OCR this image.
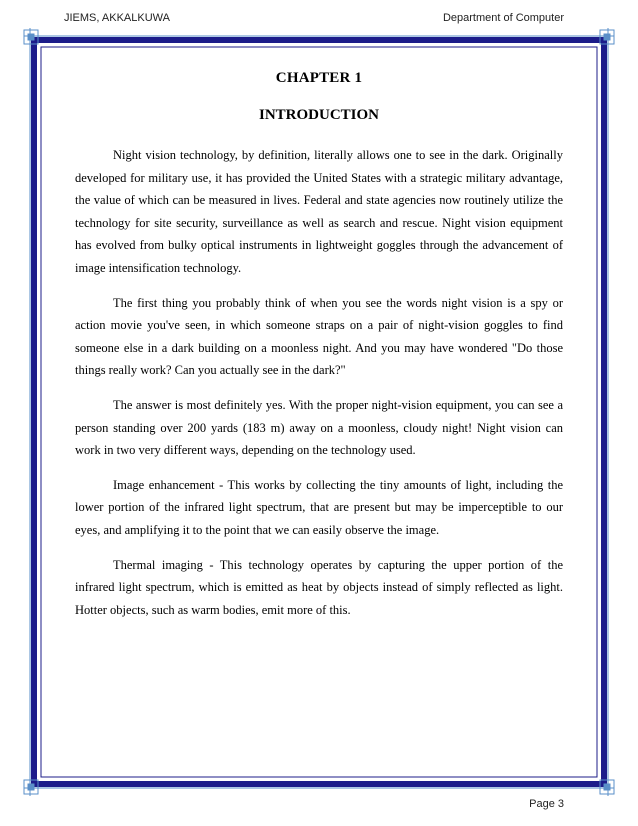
JIEMS, AKKALKUWA	Department of Computer
CHAPTER 1
INTRODUCTION

Night vision technology, by definition, literally allows one to see in the dark. Originally developed for military use, it has provided the United States with a strategic military advantage, the value of which can be measured in lives. Federal and state agencies now routinely utilize the technology for site security, surveillance as well as search and rescue. Night vision equipment has evolved from bulky optical instruments in lightweight goggles through the advancement of image intensification technology.

The first thing you probably think of when you see the words night vision is a spy or action movie you've seen, in which someone straps on a pair of night-vision goggles to find someone else in a dark building on a moonless night. And you may have wondered "Do those things really work? Can you actually see in the dark?"

The answer is most definitely yes. With the proper night-vision equipment, you can see a person standing over 200 yards (183 m) away on a moonless, cloudy night! Night vision can work in two very different ways, depending on the technology used.

Image enhancement - This works by collecting the tiny amounts of light, including the lower portion of the infrared light spectrum, that are present but may be imperceptible to our eyes, and amplifying it to the point that we can easily observe the image.

Thermal imaging - This technology operates by capturing the upper portion of the infrared light spectrum, which is emitted as heat by objects instead of simply reflected as light. Hotter objects, such as warm bodies, emit more of this.

Page 3
